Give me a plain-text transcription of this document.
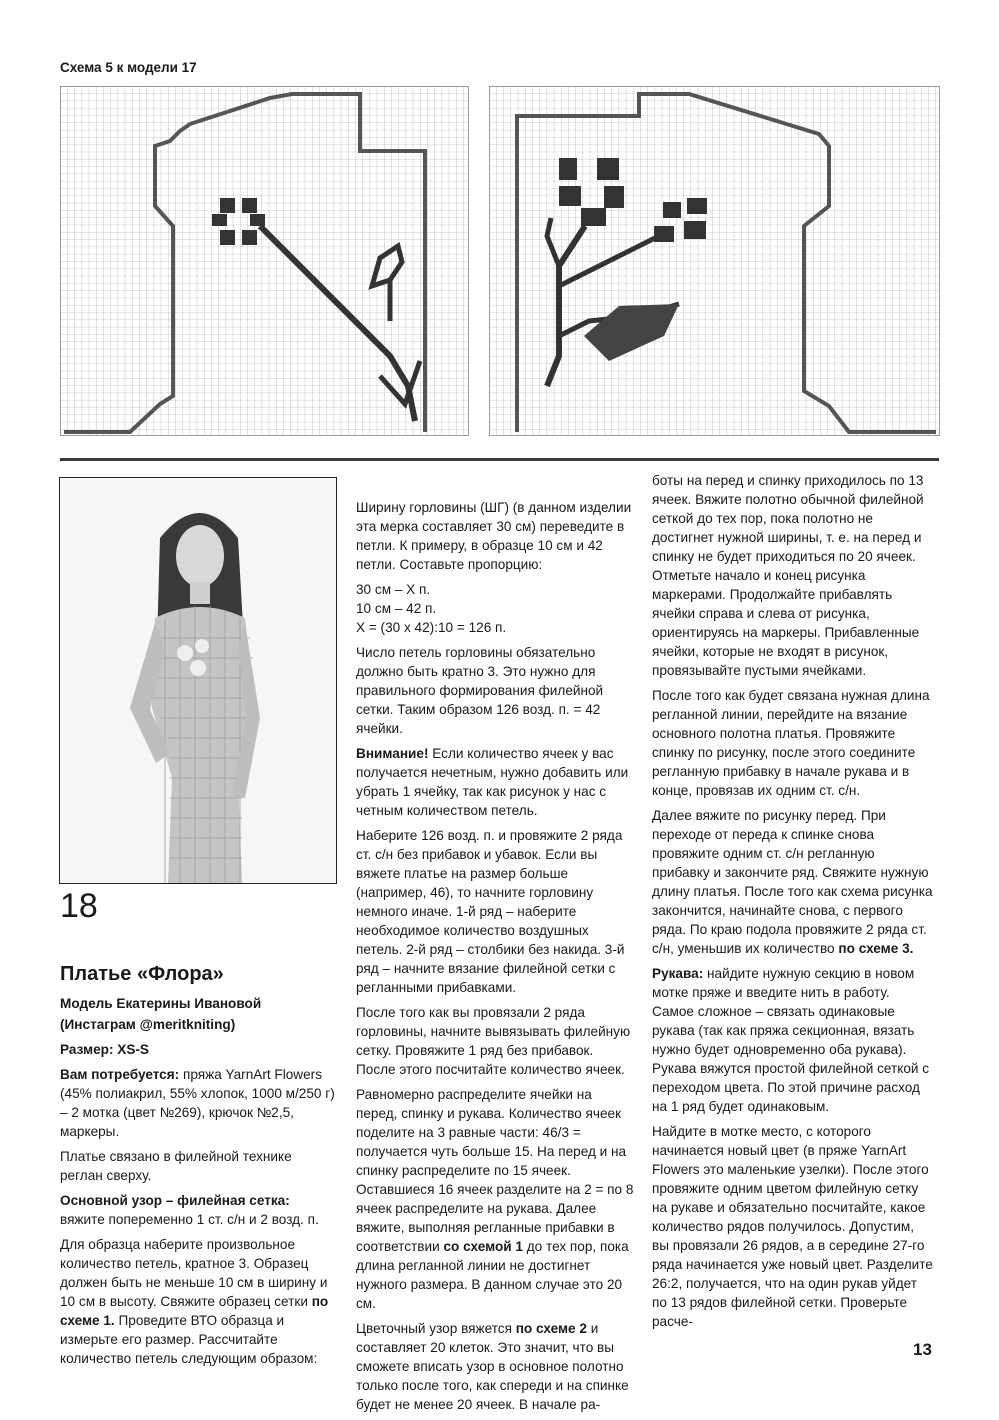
Схема 5 к модели 17
18

Платье «Флора»

Модель Екатерины Ивановой

(Инстаграм @meritkniting)

Размер: XS-S

Вам потребуется: пряжа YarnArt Flowers (45% полиакрил, 55% хлопок, 1000 м/250 г) – 2 мотка (цвет №269), крючок №2,5, маркеры.

Платье связано в филейной технике реглан сверху.

Основной узор – филейная сетка: вяжите попеременно 1 ст. с/н и 2 возд. п.

Для образца наберите произвольное количество петель, кратное 3. Образец должен быть не меньше 10 см в ширину и 10 см в высоту. Свяжите образец сетки по схеме 1. Проведите ВТО образца и измерьте его размер. Рассчитайте количество петель следующим образом:

Ширину горловины (ШГ) (в данном изделии эта мерка составляет 30 см) переведите в петли. К примеру, в образце 10 см и 42 петли. Составьте пропорцию:

30 см – Х п.

10 см – 42 п.

Х = (30 х 42):10 = 126 п.

Число петель горловины обязательно должно быть кратно 3. Это нужно для правильного формирования филейной сетки. Таким образом 126 возд. п. = 42 ячейки.

Внимание! Если количество ячеек у вас получается нечетным, нужно добавить или убрать 1 ячейку, так как рисунок у нас с четным количеством петель.

Наберите 126 возд. п. и провяжите 2 ряда ст. с/н без прибавок и убавок. Если вы вяжете платье на размер больше (например, 46), то начните горловину немного иначе. 1-й ряд – наберите необходимое количество воздушных петель. 2-й ряд – столбики без накида. 3-й ряд – начните вязание филейной сетки с регланными прибавками.

После того как вы провязали 2 ряда горловины, начните вывязывать филейную сетку. Провяжите 1 ряд без прибавок. После этого посчитайте количество ячеек.

Равномерно распределите ячейки на перед, спинку и рукава. Количество ячеек поделите на 3 равные части: 46/3 = получается чуть больше 15. На перед и на спинку распределите по 15 ячеек. Оставшиеся 16 ячеек разделите на 2 = по 8 ячеек распределите на рукава. Далее вяжите, выполняя регланные прибавки в соответствии со схемой 1 до тех пор, пока длина регланной линии не достигнет нужного размера. В данном случае это 20 см.

Цветочный узор вяжется по схеме 2 и составляет 20 клеток. Это значит, что вы сможете вписать узор в основное полотно только после того, как спереди и на спинке будет не менее 20 ячеек. В начале ра-

боты на перед и спинку приходилось по 13 ячеек. Вяжите полотно обычной филейной сеткой до тех пор, пока полотно не достигнет нужной ширины, т. е. на перед и спинку не будет приходиться по 20 ячеек. Отметьте начало и конец рисунка маркерами. Продолжайте прибавлять ячейки справа и слева от рисунка, ориентируясь на маркеры. Прибавленные ячейки, которые не входят в рисунок, провязывайте пустыми ячейками.

После того как будет связана нужная длина регланной линии, перейдите на вязание основного полотна платья. Провяжите спинку по рисунку, после этого соедините регланную прибавку в начале рукава и в конце, провязав их одним ст. с/н.

Далее вяжите по рисунку перед. При переходе от переда к спинке снова провяжите одним ст. с/н регланную прибавку и закончите ряд. Свяжите нужную длину платья. После того как схема рисунка закончится, начинайте снова, с первого ряда. По краю подола провяжите 2 ряда ст. с/н, уменьшив их количество по схеме 3.

Рукава: найдите нужную секцию в новом мотке пряже и введите нить в работу. Самое сложное – связать одинаковые рукава (так как пряжа секционная, вязать нужно будет одновременно оба рукава). Рукава вяжутся простой филейной сеткой с переходом цвета. По этой причине расход на 1 ряд будет одинаковым.

Найдите в мотке место, с которого начинается новый цвет (в пряже YarnArt Flowers это маленькие узелки). После этого провяжите одним цветом филейную сетку на рукаве и обязательно посчитайте, какое количество рядов получилось. Допустим, вы провязали 26 рядов, а в середине 27-го ряда начинается уже новый цвет. Разделите 26:2, получается, что на один рукав уйдет по 13 рядов филейной сетки. Проверьте расче-

13
